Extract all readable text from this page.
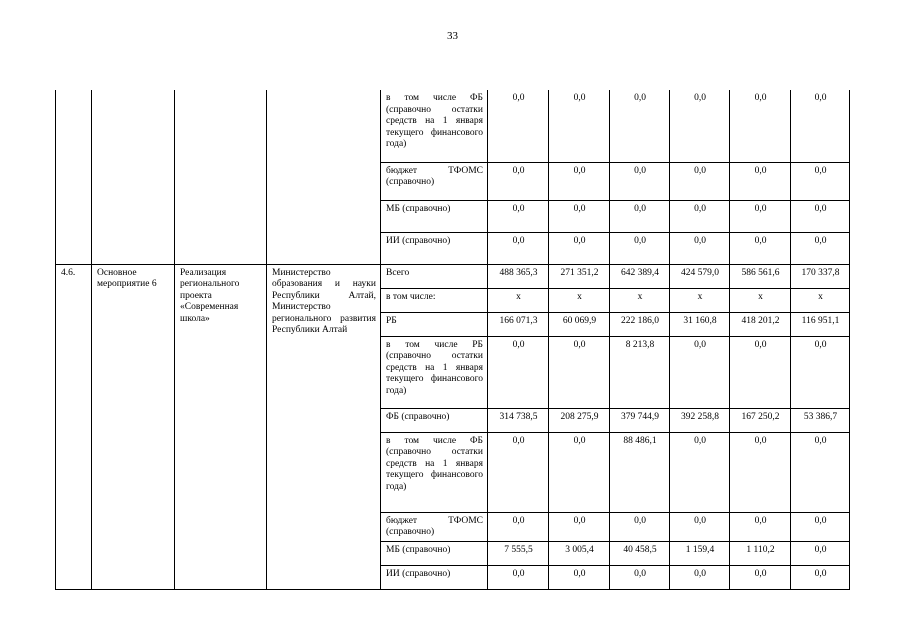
33
				в том числе ФБ (справочно остатки средств на 1 января текущего финансового года)	0,0	0,0	0,0	0,0	0,0	0,0
				бюджет ТФОМС (справочно)	0,0	0,0	0,0	0,0	0,0	0,0
				МБ (справочно)	0,0	0,0	0,0	0,0	0,0	0,0
				ИИ (справочно)	0,0	0,0	0,0	0,0	0,0	0,0
4.6.	Основное мероприятие 6	Реализация регионального проекта «Современная школа»	Министерство образования и науки Республики Алтай, Министерство регионального развития Республики Алтай	Всего	488 365,3	271 351,2	642 389,4	424 579,0	586 561,6	170 337,8
				в том числе:	х	х	х	х	х	х
				РБ	166 071,3	60 069,9	222 186,0	31 160,8	418 201,2	116 951,1
				в том числе РБ (справочно остатки средств на 1 января текущего финансового года)	0,0	0,0	8 213,8	0,0	0,0	0,0
				ФБ (справочно)	314 738,5	208 275,9	379 744,9	392 258,8	167 250,2	53 386,7
				в том числе ФБ (справочно остатки средств на 1 января текущего финансового года)	0,0	0,0	88 486,1	0,0	0,0	0,0
				бюджет ТФОМС (справочно)	0,0	0,0	0,0	0,0	0,0	0,0
				МБ (справочно)	7 555,5	3 005,4	40 458,5	1 159,4	1 110,2	0,0
				ИИ (справочно)	0,0	0,0	0,0	0,0	0,0	0,0
